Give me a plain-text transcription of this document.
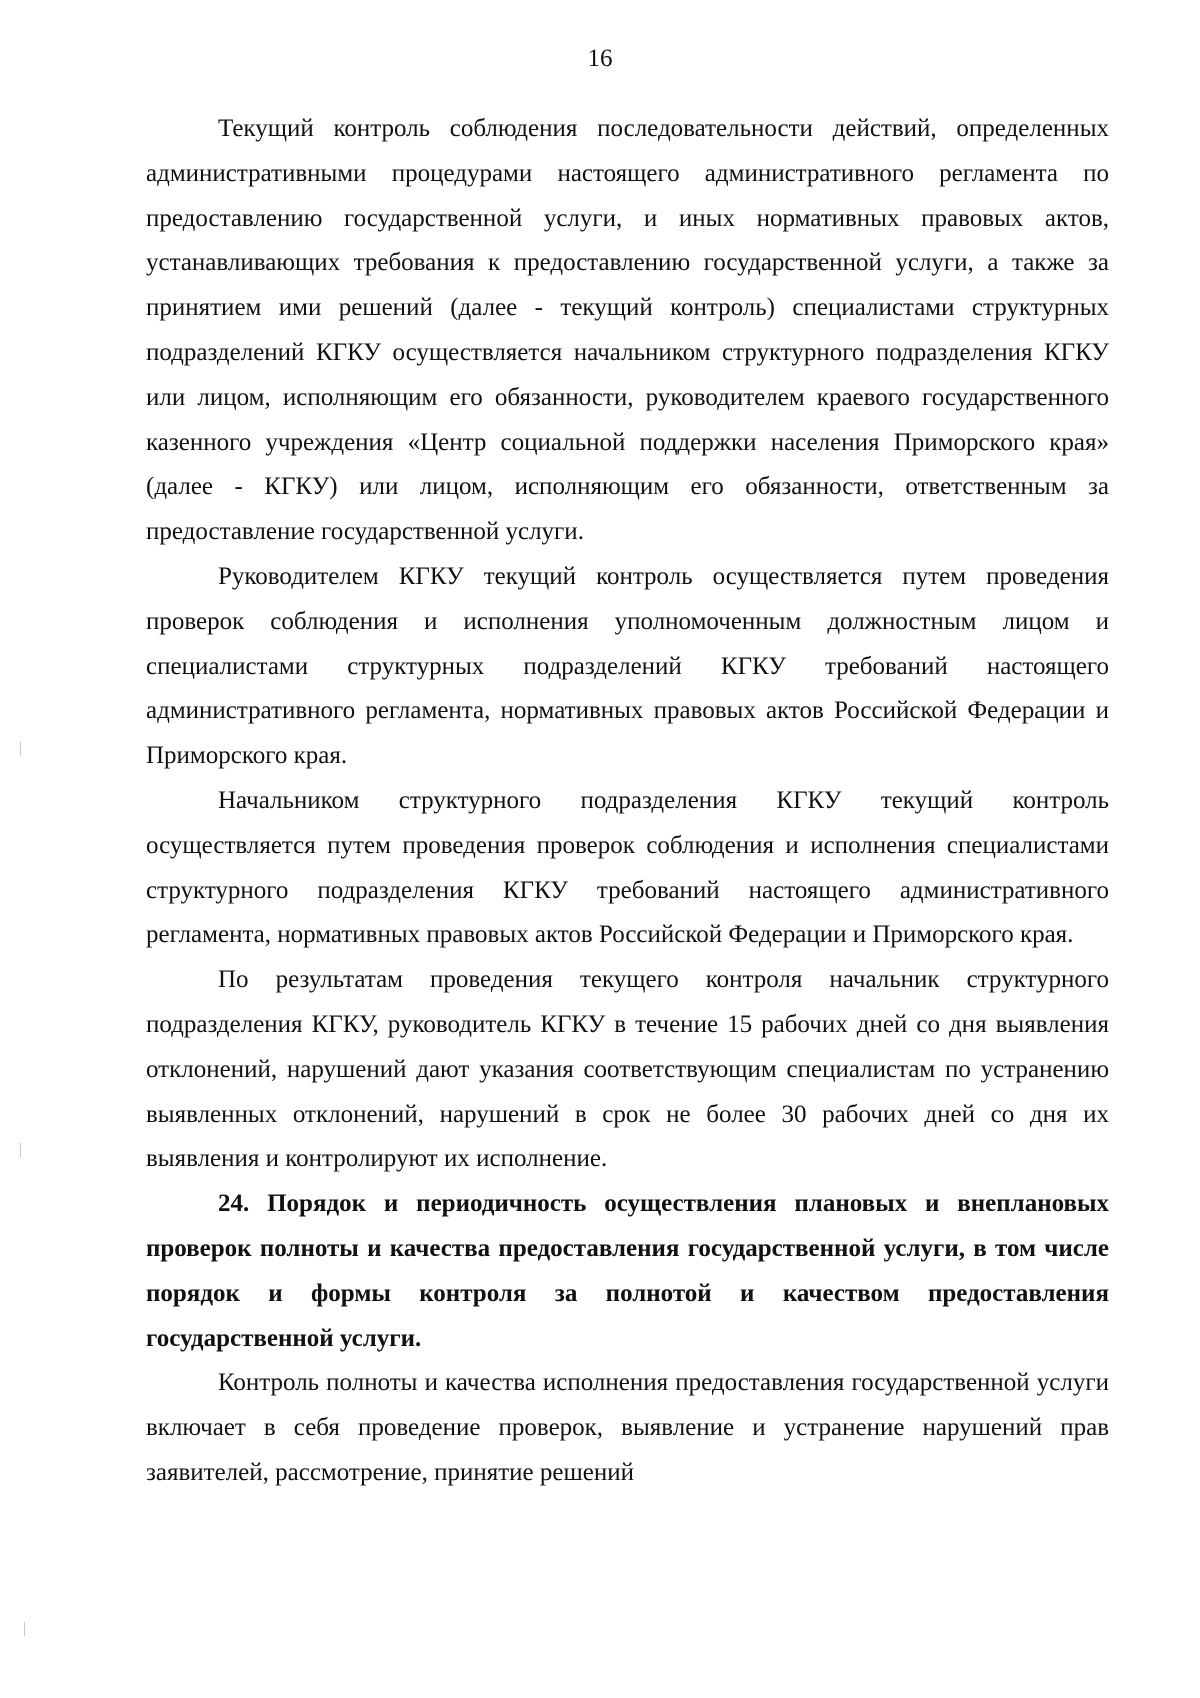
16

Текущий контроль соблюдения последовательности действий, определенных административными процедурами настоящего административного регламента по предоставлению государственной услуги, и иных нормативных правовых актов, устанавливающих требования к предоставлению государственной услуги, а также за принятием ими решений (далее - текущий контроль) специалистами структурных подразделений КГКУ осуществляется начальником структурного подразделения КГКУ или лицом, исполняющим его обязанности, руководителем краевого государственного казенного учреждения «Центр социальной поддержки населения Приморского края» (далее - КГКУ) или лицом, исполняющим его обязанности, ответственным за предоставление государственной услуги.

Руководителем КГКУ текущий контроль осуществляется путем проведения проверок соблюдения и исполнения уполномоченным должностным лицом и специалистами структурных подразделений КГКУ требований настоящего административного регламента, нормативных правовых актов Российской Федерации и Приморского края.

Начальником структурного подразделения КГКУ текущий контроль осуществляется путем проведения проверок соблюдения и исполнения специалистами структурного подразделения КГКУ требований настоящего административного регламента, нормативных правовых актов Российской Федерации и Приморского края.

По результатам проведения текущего контроля начальник структурного подразделения КГКУ, руководитель КГКУ в течение 15 рабочих дней со дня выявления отклонений, нарушений дают указания соответствующим специалистам по устранению выявленных отклонений, нарушений в срок не более 30 рабочих дней со дня их выявления и контролируют их исполнение.

24. Порядок и периодичность осуществления плановых и внеплановых проверок полноты и качества предоставления государственной услуги, в том числе порядок и формы контроля за полнотой и качеством предоставления государственной услуги.

Контроль полноты и качества исполнения предоставления государственной услуги включает в себя проведение проверок, выявление и устранение нарушений прав заявителей, рассмотрение, принятие решений
